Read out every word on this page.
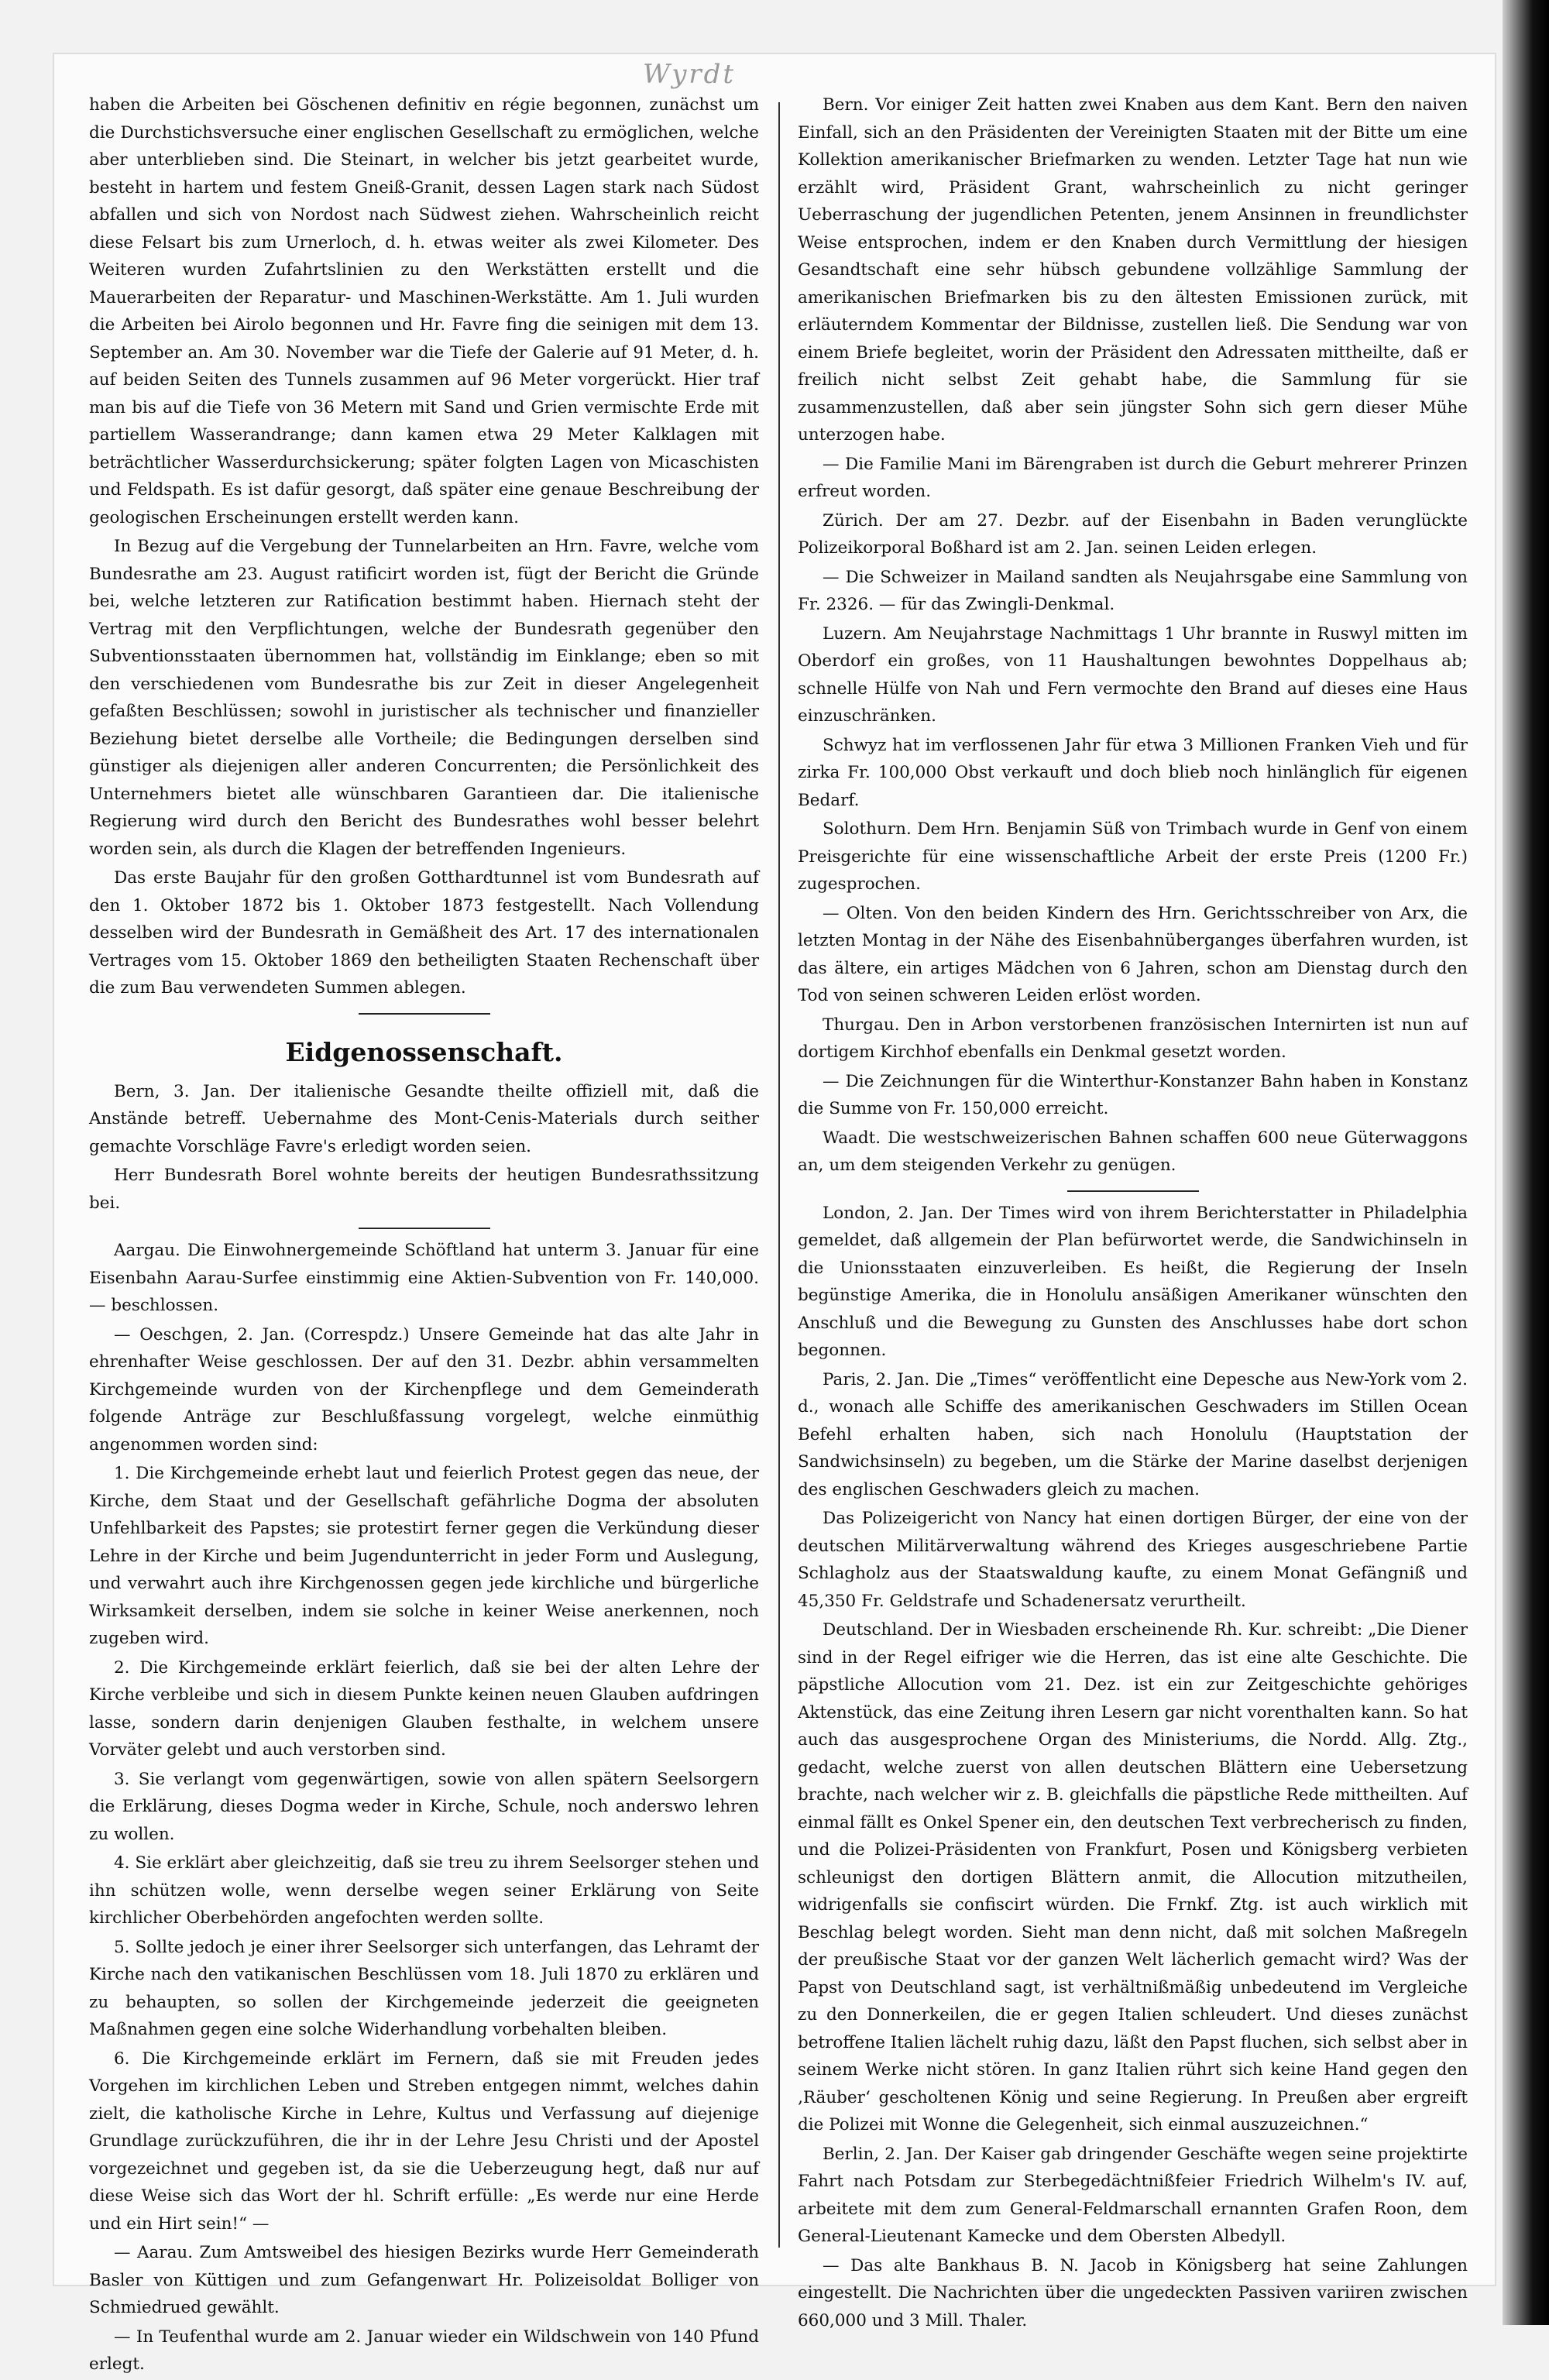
Wyrdt

haben die Arbeiten bei Göschenen definitiv en régie begonnen, zunächst um die Durchstichsversuche einer englischen Gesellschaft zu ermöglichen, welche aber unterblieben sind. Die Steinart, in welcher bis jetzt gearbeitet wurde, besteht in hartem und festem Gneiß-Granit, dessen Lagen stark nach Südost abfallen und sich von Nordost nach Südwest ziehen. Wahrscheinlich reicht diese Felsart bis zum Urnerloch, d. h. etwas weiter als zwei Kilometer. Des Weiteren wurden Zufahrtslinien zu den Werkstätten erstellt und die Mauerarbeiten der Reparatur- und Maschinen-Werkstätte. Am 1. Juli wurden die Arbeiten bei Airolo begonnen und Hr. Favre fing die seinigen mit dem 13. September an. Am 30. November war die Tiefe der Galerie auf 91 Meter, d. h. auf beiden Seiten des Tunnels zusammen auf 96 Meter vorgerückt. Hier traf man bis auf die Tiefe von 36 Metern mit Sand und Grien vermischte Erde mit partiellem Wasserandrange; dann kamen etwa 29 Meter Kalklagen mit beträchtlicher Wasserdurchsickerung; später folgten Lagen von Micaschisten und Feldspath. Es ist dafür gesorgt, daß später eine genaue Beschreibung der geologischen Erscheinungen erstellt werden kann.

In Bezug auf die Vergebung der Tunnelarbeiten an Hrn. Favre, welche vom Bundesrathe am 23. August ratificirt worden ist, fügt der Bericht die Gründe bei, welche letzteren zur Ratification bestimmt haben. Hiernach steht der Vertrag mit den Verpflichtungen, welche der Bundesrath gegenüber den Subventionsstaaten übernommen hat, vollständig im Einklange; eben so mit den verschiedenen vom Bundesrathe bis zur Zeit in dieser Angelegenheit gefaßten Beschlüssen; sowohl in juristischer als technischer und finanzieller Beziehung bietet derselbe alle Vortheile; die Bedingungen derselben sind günstiger als diejenigen aller anderen Concurrenten; die Persönlichkeit des Unternehmers bietet alle wünschbaren Garantieen dar. Die italienische Regierung wird durch den Bericht des Bundesrathes wohl besser belehrt worden sein, als durch die Klagen der betreffenden Ingenieurs.

Das erste Baujahr für den großen Gotthardtunnel ist vom Bundesrath auf den 1. Oktober 1872 bis 1. Oktober 1873 festgestellt. Nach Vollendung desselben wird der Bundesrath in Gemäßheit des Art. 17 des internationalen Vertrages vom 15. Oktober 1869 den betheiligten Staaten Rechenschaft über die zum Bau verwendeten Summen ablegen.

Eidgenossenschaft.

Bern, 3. Jan. Der italienische Gesandte theilte offiziell mit, daß die Anstände betreff. Uebernahme des Mont-Cenis-Materials durch seither gemachte Vorschläge Favre's erledigt worden seien.

Herr Bundesrath Borel wohnte bereits der heutigen Bundesrathssitzung bei.

Aargau. Die Einwohnergemeinde Schöftland hat unterm 3. Januar für eine Eisenbahn Aarau-Surfee einstimmig eine Aktien-Subvention von Fr. 140,000. — beschlossen.

— Oeschgen, 2. Jan. (Correspdz.) Unsere Gemeinde hat das alte Jahr in ehrenhafter Weise geschlossen. Der auf den 31. Dezbr. abhin versammelten Kirchgemeinde wurden von der Kirchenpflege und dem Gemeinderath folgende Anträge zur Beschlußfassung vorgelegt, welche einmüthig angenommen worden sind:

1. Die Kirchgemeinde erhebt laut und feierlich Protest gegen das neue, der Kirche, dem Staat und der Gesellschaft gefährliche Dogma der absoluten Unfehlbarkeit des Papstes; sie protestirt ferner gegen die Verkündung dieser Lehre in der Kirche und beim Jugendunterricht in jeder Form und Auslegung, und verwahrt auch ihre Kirchgenossen gegen jede kirchliche und bürgerliche Wirksamkeit derselben, indem sie solche in keiner Weise anerkennen, noch zugeben wird.

2. Die Kirchgemeinde erklärt feierlich, daß sie bei der alten Lehre der Kirche verbleibe und sich in diesem Punkte keinen neuen Glauben aufdringen lasse, sondern darin denjenigen Glauben festhalte, in welchem unsere Vorväter gelebt und auch verstorben sind.

3. Sie verlangt vom gegenwärtigen, sowie von allen spätern Seelsorgern die Erklärung, dieses Dogma weder in Kirche, Schule, noch anderswo lehren zu wollen.

4. Sie erklärt aber gleichzeitig, daß sie treu zu ihrem Seelsorger stehen und ihn schützen wolle, wenn derselbe wegen seiner Erklärung von Seite kirchlicher Oberbehörden angefochten werden sollte.

5. Sollte jedoch je einer ihrer Seelsorger sich unterfangen, das Lehramt der Kirche nach den vatikanischen Beschlüssen vom 18. Juli 1870 zu erklären und zu behaupten, so sollen der Kirchgemeinde jederzeit die geeigneten Maßnahmen gegen eine solche Widerhandlung vorbehalten bleiben.

6. Die Kirchgemeinde erklärt im Fernern, daß sie mit Freuden jedes Vorgehen im kirchlichen Leben und Streben entgegen nimmt, welches dahin zielt, die katholische Kirche in Lehre, Kultus und Verfassung auf diejenige Grundlage zurückzuführen, die ihr in der Lehre Jesu Christi und der Apostel vorgezeichnet und gegeben ist, da sie die Ueberzeugung hegt, daß nur auf diese Weise sich das Wort der hl. Schrift erfülle: „Es werde nur eine Herde und ein Hirt sein!“ —

— Aarau. Zum Amtsweibel des hiesigen Bezirks wurde Herr Gemeinderath Basler von Küttigen und zum Gefangenwart Hr. Polizeisoldat Bolliger von Schmiedrued gewählt.

— In Teufenthal wurde am 2. Januar wieder ein Wildschwein von 140 Pfund erlegt.

Bern. Vor einiger Zeit hatten zwei Knaben aus dem Kant. Bern den naiven Einfall, sich an den Präsidenten der Vereinigten Staaten mit der Bitte um eine Kollektion amerikanischer Briefmarken zu wenden. Letzter Tage hat nun wie erzählt wird, Präsident Grant, wahrscheinlich zu nicht geringer Ueberraschung der jugendlichen Petenten, jenem Ansinnen in freundlichster Weise entsprochen, indem er den Knaben durch Vermittlung der hiesigen Gesandtschaft eine sehr hübsch gebundene vollzählige Sammlung der amerikanischen Briefmarken bis zu den ältesten Emissionen zurück, mit erläuterndem Kommentar der Bildnisse, zustellen ließ. Die Sendung war von einem Briefe begleitet, worin der Präsident den Adressaten mittheilte, daß er freilich nicht selbst Zeit gehabt habe, die Sammlung für sie zusammenzustellen, daß aber sein jüngster Sohn sich gern dieser Mühe unterzogen habe.

— Die Familie Mani im Bärengraben ist durch die Geburt mehrerer Prinzen erfreut worden.

Zürich. Der am 27. Dezbr. auf der Eisenbahn in Baden verunglückte Polizeikorporal Boßhard ist am 2. Jan. seinen Leiden erlegen.

— Die Schweizer in Mailand sandten als Neujahrsgabe eine Sammlung von Fr. 2326. — für das Zwingli-Denkmal.

Luzern. Am Neujahrstage Nachmittags 1 Uhr brannte in Ruswyl mitten im Oberdorf ein großes, von 11 Haushaltungen bewohntes Doppelhaus ab; schnelle Hülfe von Nah und Fern vermochte den Brand auf dieses eine Haus einzuschränken.

Schwyz hat im verflossenen Jahr für etwa 3 Millionen Franken Vieh und für zirka Fr. 100,000 Obst verkauft und doch blieb noch hinlänglich für eigenen Bedarf.

Solothurn. Dem Hrn. Benjamin Süß von Trimbach wurde in Genf von einem Preisgerichte für eine wissenschaftliche Arbeit der erste Preis (1200 Fr.) zugesprochen.

— Olten. Von den beiden Kindern des Hrn. Gerichtsschreiber von Arx, die letzten Montag in der Nähe des Eisenbahnüberganges überfahren wurden, ist das ältere, ein artiges Mädchen von 6 Jahren, schon am Dienstag durch den Tod von seinen schweren Leiden erlöst worden.

Thurgau. Den in Arbon verstorbenen französischen Internirten ist nun auf dortigem Kirchhof ebenfalls ein Denkmal gesetzt worden.

— Die Zeichnungen für die Winterthur-Konstanzer Bahn haben in Konstanz die Summe von Fr. 150,000 erreicht.

Waadt. Die westschweizerischen Bahnen schaffen 600 neue Güterwaggons an, um dem steigenden Verkehr zu genügen.

London, 2. Jan. Der Times wird von ihrem Berichterstatter in Philadelphia gemeldet, daß allgemein der Plan befürwortet werde, die Sandwichinseln in die Unionsstaaten einzuverleiben. Es heißt, die Regierung der Inseln begünstige Amerika, die in Honolulu ansäßigen Amerikaner wünschten den Anschluß und die Bewegung zu Gunsten des Anschlusses habe dort schon begonnen.

Paris, 2. Jan. Die „Times“ veröffentlicht eine Depesche aus New-York vom 2. d., wonach alle Schiffe des amerikanischen Geschwaders im Stillen Ocean Befehl erhalten haben, sich nach Honolulu (Hauptstation der Sandwichsinseln) zu begeben, um die Stärke der Marine daselbst derjenigen des englischen Geschwaders gleich zu machen.

Das Polizeigericht von Nancy hat einen dortigen Bürger, der eine von der deutschen Militärverwaltung während des Krieges ausgeschriebene Partie Schlagholz aus der Staatswaldung kaufte, zu einem Monat Gefängniß und 45,350 Fr. Geldstrafe und Schadenersatz verurtheilt.

Deutschland. Der in Wiesbaden erscheinende Rh. Kur. schreibt: „Die Diener sind in der Regel eifriger wie die Herren, das ist eine alte Geschichte. Die päpstliche Allocution vom 21. Dez. ist ein zur Zeitgeschichte gehöriges Aktenstück, das eine Zeitung ihren Lesern gar nicht vorenthalten kann. So hat auch das ausgesprochene Organ des Ministeriums, die Nordd. Allg. Ztg., gedacht, welche zuerst von allen deutschen Blättern eine Uebersetzung brachte, nach welcher wir z. B. gleichfalls die päpstliche Rede mittheilten. Auf einmal fällt es Onkel Spener ein, den deutschen Text verbrecherisch zu finden, und die Polizei-Präsidenten von Frankfurt, Posen und Königsberg verbieten schleunigst den dortigen Blättern anmit, die Allocution mitzutheilen, widrigenfalls sie confiscirt würden. Die Frnkf. Ztg. ist auch wirklich mit Beschlag belegt worden. Sieht man denn nicht, daß mit solchen Maßregeln der preußische Staat vor der ganzen Welt lächerlich gemacht wird? Was der Papst von Deutschland sagt, ist verhältnißmäßig unbedeutend im Vergleiche zu den Donnerkeilen, die er gegen Italien schleudert. Und dieses zunächst betroffene Italien lächelt ruhig dazu, läßt den Papst fluchen, sich selbst aber in seinem Werke nicht stören. In ganz Italien rührt sich keine Hand gegen den ‚Räuber‘ gescholtenen König und seine Regierung. In Preußen aber ergreift die Polizei mit Wonne die Gelegenheit, sich einmal auszuzeichnen.“

Berlin, 2. Jan. Der Kaiser gab dringender Geschäfte wegen seine projektirte Fahrt nach Potsdam zur Sterbegedächtnißfeier Friedrich Wilhelm's IV. auf, arbeitete mit dem zum General-Feldmarschall ernannten Grafen Roon, dem General-Lieutenant Kamecke und dem Obersten Albedyll.

— Das alte Bankhaus B. N. Jacob in Königsberg hat seine Zahlungen eingestellt. Die Nachrichten über die ungedeckten Passiven variiren zwischen 660,000 und 3 Mill. Thaler.
